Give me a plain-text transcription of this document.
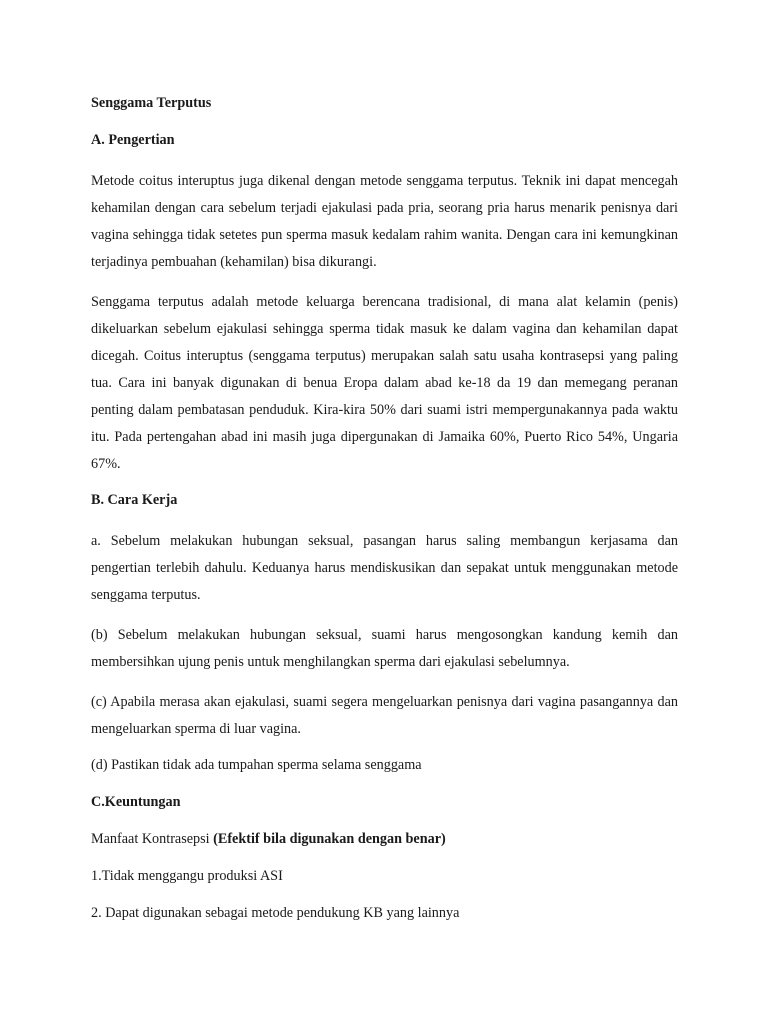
Senggama Terputus
A. Pengertian

Metode coitus interuptus juga dikenal dengan metode senggama terputus. Teknik ini dapat mencegah kehamilan dengan cara sebelum terjadi ejakulasi pada pria, seorang pria harus menarik penisnya dari vagina sehingga tidak setetes pun sperma masuk kedalam rahim wanita. Dengan cara ini kemungkinan terjadinya pembuahan (kehamilan) bisa dikurangi.

Senggama terputus adalah metode keluarga berencana tradisional, di mana alat kelamin (penis) dikeluarkan sebelum ejakulasi sehingga sperma tidak masuk ke dalam vagina dan kehamilan dapat dicegah. Coitus interuptus (senggama terputus) merupakan salah satu usaha kontrasepsi yang paling tua. Cara ini banyak digunakan di benua Eropa dalam abad ke-18 da 19 dan memegang peranan penting dalam pembatasan penduduk. Kira-kira 50% dari suami istri mempergunakannya pada waktu itu. Pada pertengahan abad ini masih juga dipergunakan di Jamaika 60%, Puerto Rico 54%, Ungaria 67%.

B. Cara Kerja

a. Sebelum melakukan hubungan seksual, pasangan harus saling membangun kerjasama dan pengertian terlebih dahulu. Keduanya harus mendiskusikan dan sepakat untuk menggunakan metode senggama terputus.

(b) Sebelum melakukan hubungan seksual, suami harus mengosongkan kandung kemih dan membersihkan ujung penis untuk menghilangkan sperma dari ejakulasi sebelumnya.

(c) Apabila merasa akan ejakulasi, suami segera mengeluarkan penisnya dari vagina pasangannya dan mengeluarkan sperma di luar vagina.

(d) Pastikan tidak ada tumpahan sperma selama senggama

C.Keuntungan

Manfaat Kontrasepsi (Efektif bila digunakan dengan benar)

1.Tidak menggangu produksi ASI

2. Dapat digunakan sebagai metode pendukung KB yang lainnya
